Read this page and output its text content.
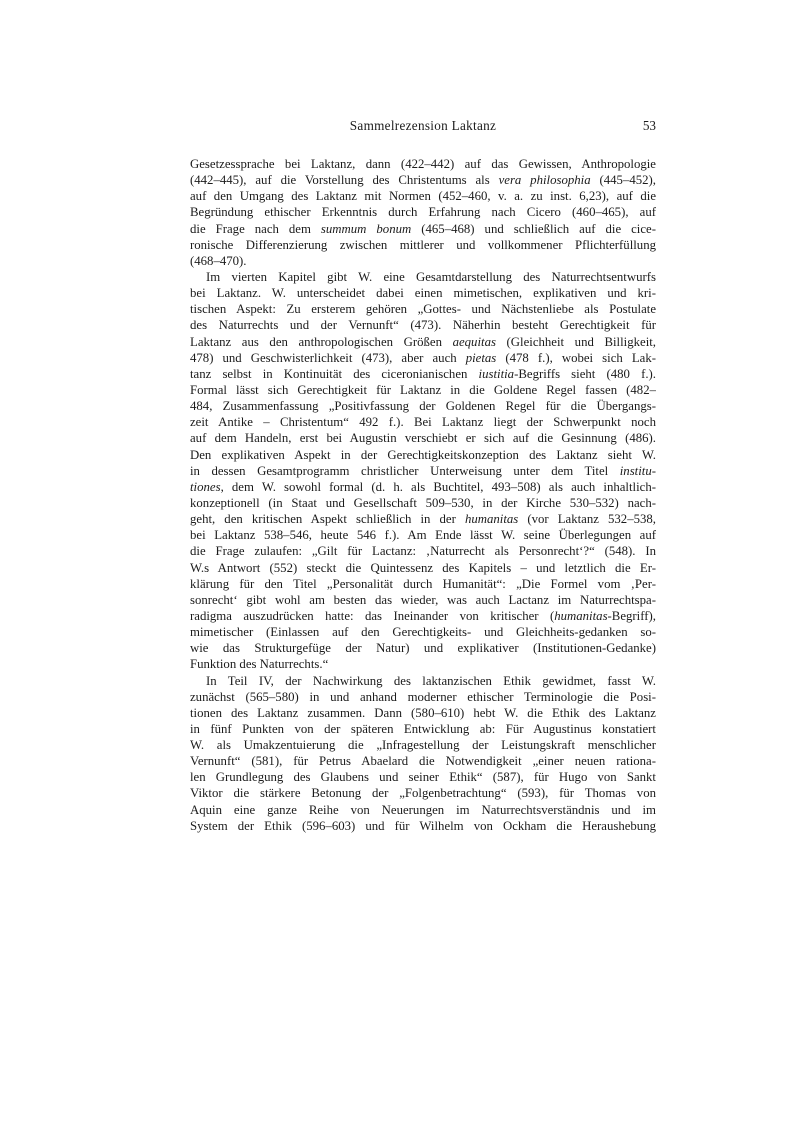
Sammelrezension Laktanz	53
Gesetzessprache bei Laktanz, dann (422–442) auf das Gewissen, Anthropologie
(442–445), auf die Vorstellung des Christentums als vera philosophia (445–452),
auf den Umgang des Laktanz mit Normen (452–460, v. a. zu inst. 6,23), auf die
Begründung ethischer Erkenntnis durch Erfahrung nach Cicero (460–465), auf
die Frage nach dem summum bonum (465–468) und schließlich auf die cice-
ronische Differenzierung zwischen mittlerer und vollkommener Pflichterfüllung
(468–470).
Im vierten Kapitel gibt W. eine Gesamtdarstellung des Naturrechtsentwurfs
bei Laktanz. W. unterscheidet dabei einen mimetischen, explikativen und kri-
tischen Aspekt: Zu ersterem gehören „Gottes- und Nächstenliebe als Postulate
des Naturrechts und der Vernunft“ (473). Näherhin besteht Gerechtigkeit für
Laktanz aus den anthropologischen Größen aequitas (Gleichheit und Billigkeit,
478) und Geschwisterlichkeit (473), aber auch pietas (478 f.), wobei sich Lak-
tanz selbst in Kontinuität des ciceronianischen iustitia-Begriffs sieht (480 f.).
Formal lässt sich Gerechtigkeit für Laktanz in die Goldene Regel fassen (482–
484, Zusammenfassung „Positivfassung der Goldenen Regel für die Übergangs-
zeit Antike – Christentum“ 492 f.). Bei Laktanz liegt der Schwerpunkt noch
auf dem Handeln, erst bei Augustin verschiebt er sich auf die Gesinnung (486).
Den explikativen Aspekt in der Gerechtigkeitskonzeption des Laktanz sieht W.
in dessen Gesamtprogramm christlicher Unterweisung unter dem Titel institu-
tiones, dem W. sowohl formal (d. h. als Buchtitel, 493–508) als auch inhaltlich-
konzeptionell (in Staat und Gesellschaft 509–530, in der Kirche 530–532) nach-
geht, den kritischen Aspekt schließlich in der humanitas (vor Laktanz 532–538,
bei Laktanz 538–546, heute 546 f.). Am Ende lässt W. seine Überlegungen auf
die Frage zulaufen: „Gilt für Lactanz: ‚Naturrecht als Personrecht‘?“ (548). In
W.s Antwort (552) steckt die Quintessenz des Kapitels – und letztlich die Er-
klärung für den Titel „Personalität durch Humanität“: „Die Formel vom ‚Per-
sonrecht‘ gibt wohl am besten das wieder, was auch Lactanz im Naturrechtspa-
radigma auszudrücken hatte: das Ineinander von kritischer (humanitas-Begriff),
mimetischer (Einlassen auf den Gerechtigkeits- und Gleichheits-gedanken so-
wie das Strukturgefüge der Natur) und explikativer (Institutionen-Gedanke)
Funktion des Naturrechts.“
In Teil IV, der Nachwirkung des laktanzischen Ethik gewidmet, fasst W.
zunächst (565–580) in und anhand moderner ethischer Terminologie die Posi-
tionen des Laktanz zusammen. Dann (580–610) hebt W. die Ethik des Laktanz
in fünf Punkten von der späteren Entwicklung ab: Für Augustinus konstatiert
W. als Umakzentuierung die „Infragestellung der Leistungskraft menschlicher
Vernunft“ (581), für Petrus Abaelard die Notwendigkeit „einer neuen rationa-
len Grundlegung des Glaubens und seiner Ethik“ (587), für Hugo von Sankt
Viktor die stärkere Betonung der „Folgenbetrachtung“ (593), für Thomas von
Aquin eine ganze Reihe von Neuerungen im Naturrechtsverständnis und im
System der Ethik (596–603) und für Wilhelm von Ockham die Heraushebung
